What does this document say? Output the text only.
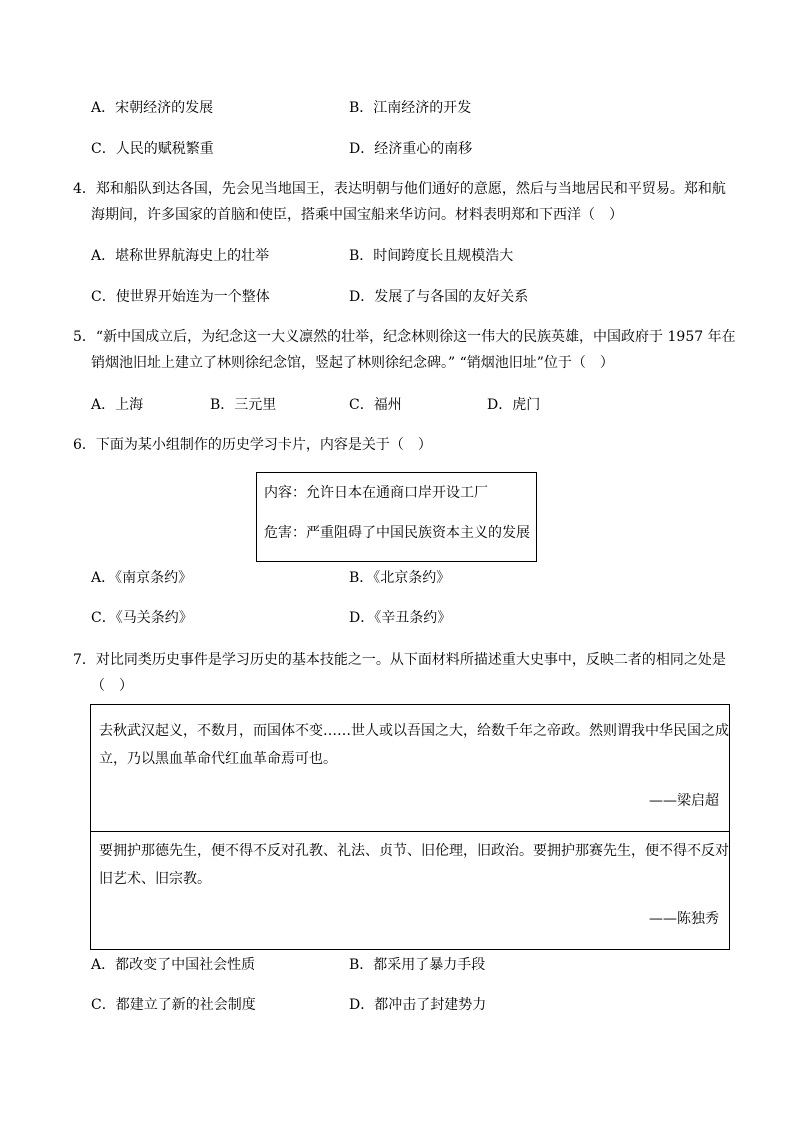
A．宋朝经济的发展	B．江南经济的开发
C．人民的赋税繁重	D．经济重心的南移
4．郑和船队到达各国，先会见当地国王，表达明朝与他们通好的意愿，然后与当地居民和平贸易。郑和航
海期间，许多国家的首脑和使臣，搭乘中国宝船来华访问。材料表明郑和下西洋（　）
A．堪称世界航海史上的壮举	B．时间跨度长且规模浩大
C．使世界开始连为一个整体	D．发展了与各国的友好关系
5．“新中国成立后，为纪念这一大义凛然的壮举，纪念林则徐这一伟大的民族英雄，中国政府于 1957 年在
销烟池旧址上建立了林则徐纪念馆，竖起了林则徐纪念碑。” “销烟池旧址”位于（　）
A．上海	B．三元里	C．福州	D．虎门
6．下面为某小组制作的历史学习卡片，内容是关于（　）
内容：允许日本在通商口岸开设工厂
危害：严重阻碍了中国民族资本主义的发展
A．《南京条约》	B．《北京条约》
C．《马关条约》	D．《辛丑条约》
7．对比同类历史事件是学习历史的基本技能之一。从下面材料所描述重大史事中，反映二者的相同之处是
（　）
去秋武汉起义，不数月，而国体不变……世人或以吾国之大，给数千年之帝政。然则谓我中华民国之成
立，乃以黑血革命代红血革命焉可也。
——梁启超
要拥护那德先生，便不得不反对孔教、礼法、贞节、旧伦理，旧政治。要拥护那赛先生，便不得不反对
旧艺术、旧宗教。
——陈独秀
A．都改变了中国社会性质	B．都采用了暴力手段
C．都建立了新的社会制度	D．都冲击了封建势力
